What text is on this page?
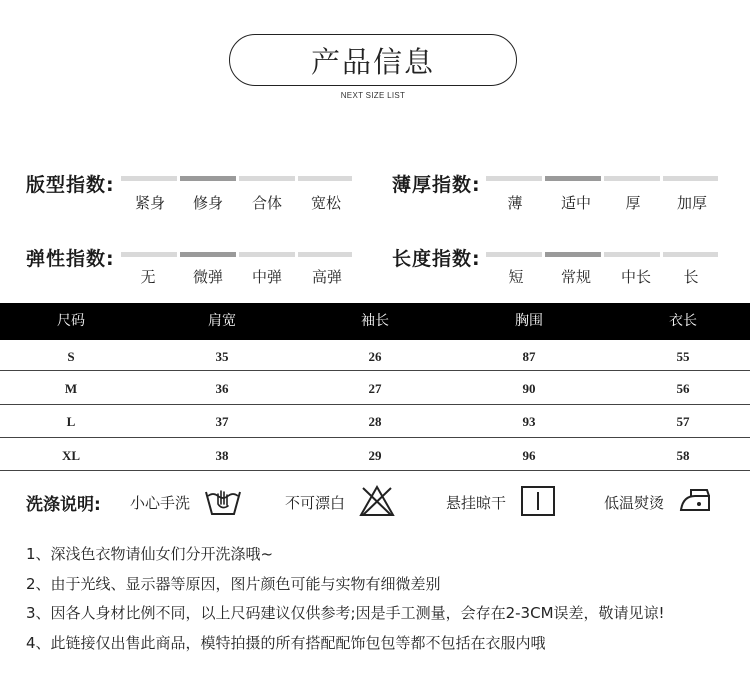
产品信息
NEXT SIZE LIST
版型指数:
紧身	修身	合体	宽松
薄厚指数:
薄	适中	厚	加厚
弹性指数:
无	微弹	中弹	高弹
长度指数:
短	常规	中长	长
尺码	肩宽	袖长	胸围	衣长
S	35	26	87	55
M	36	27	90	56
L	37	28	93	57
XL	38	29	96	58
洗涤说明: 小心手洗	不可漂白	悬挂晾干	低温熨烫
1、深浅色衣物请仙女们分开洗涤哦~
2、由于光线、显示器等原因，图片颜色可能与实物有细微差别
3、因各人身材比例不同，以上尺码建议仅供参考;因是手工测量，会存在2-3CM误差，敬请见谅!
4、此链接仅出售此商品，模特拍摄的所有搭配配饰包包等都不包括在衣服内哦
